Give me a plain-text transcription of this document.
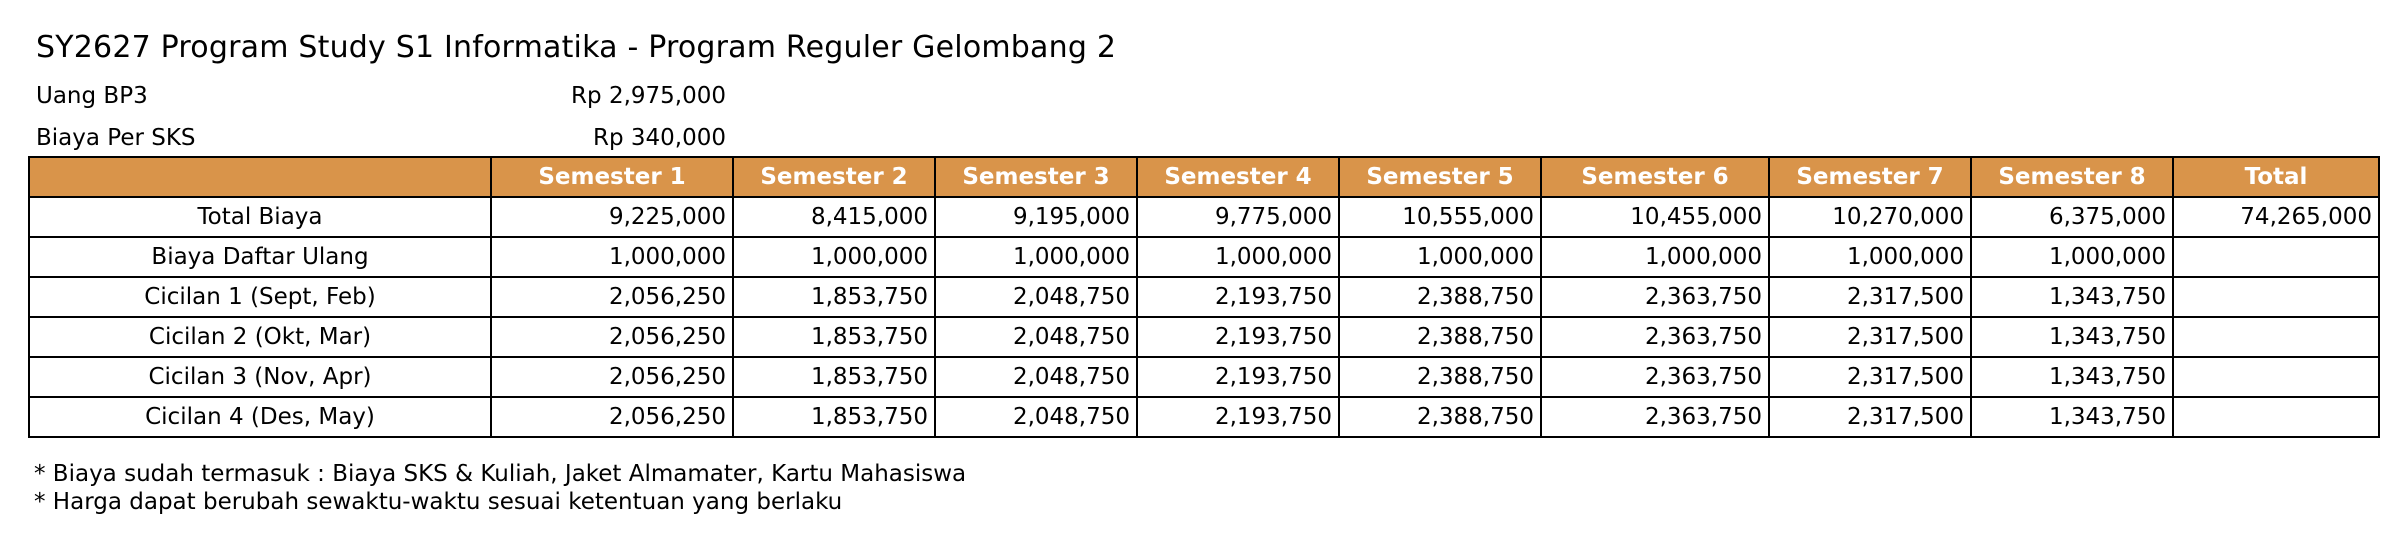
SY2627 Program Study S1 Informatika - Program Reguler Gelombang 2
Uang BP3	Rp 2,975,000
Biaya Per SKS	Rp 340,000
	Semester 1	Semester 2	Semester 3	Semester 4	Semester 5	Semester 6	Semester 7	Semester 8	Total
Total Biaya	9,225,000	8,415,000	9,195,000	9,775,000	10,555,000	10,455,000	10,270,000	6,375,000	74,265,000
Biaya Daftar Ulang	1,000,000	1,000,000	1,000,000	1,000,000	1,000,000	1,000,000	1,000,000	1,000,000	
Cicilan 1 (Sept, Feb)	2,056,250	1,853,750	2,048,750	2,193,750	2,388,750	2,363,750	2,317,500	1,343,750	
Cicilan 2 (Okt, Mar)	2,056,250	1,853,750	2,048,750	2,193,750	2,388,750	2,363,750	2,317,500	1,343,750	
Cicilan 3 (Nov, Apr)	2,056,250	1,853,750	2,048,750	2,193,750	2,388,750	2,363,750	2,317,500	1,343,750	
Cicilan 4 (Des, May)	2,056,250	1,853,750	2,048,750	2,193,750	2,388,750	2,363,750	2,317,500	1,343,750	
* Biaya sudah termasuk : Biaya SKS & Kuliah, Jaket Almamater, Kartu Mahasiswa
* Harga dapat berubah sewaktu-waktu sesuai ketentuan yang berlaku
